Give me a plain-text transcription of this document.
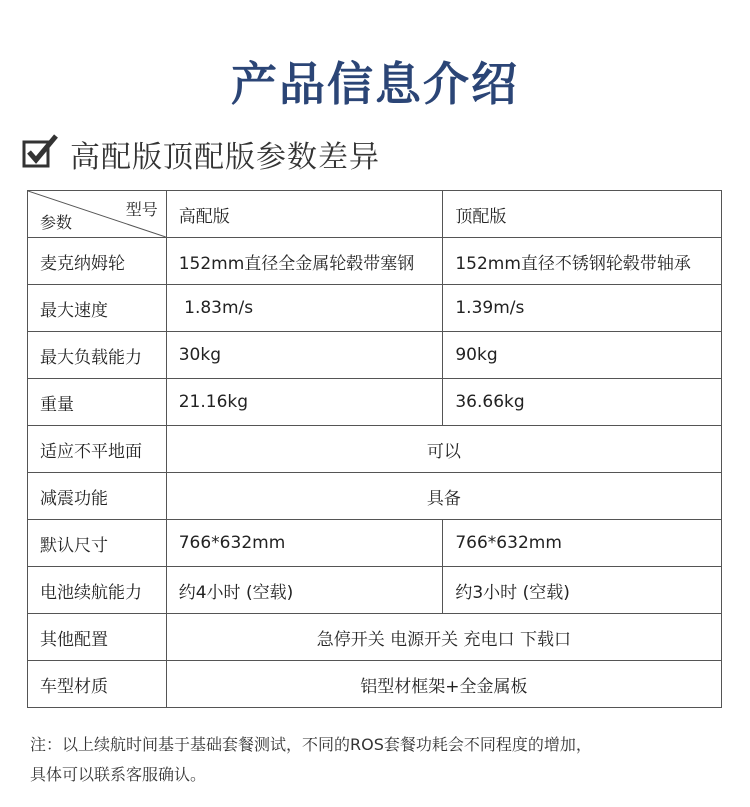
产品信息介绍
高配版顶配版参数差异
型号
参数	高配版	顶配版
麦克纳姆轮	152mm直径全金属轮毂带塞钢	152mm直径不锈钢轮毂带轴承
最大速度	1.83m/s	1.39m/s
最大负载能力	30kg	90kg
重量	21.16kg	36.66kg
适应不平地面	可以	
减震功能	具备	
默认尺寸	766*632mm	766*632mm
电池续航能力	约4小时 (空载)	约3小时 (空载)
其他配置	急停开关 电源开关 充电口 下载口	
车型材质	铝型材框架+全金属板	
注：以上续航时间基于基础套餐测试，不同的ROS套餐功耗会不同程度的增加，
具体可以联系客服确认。
